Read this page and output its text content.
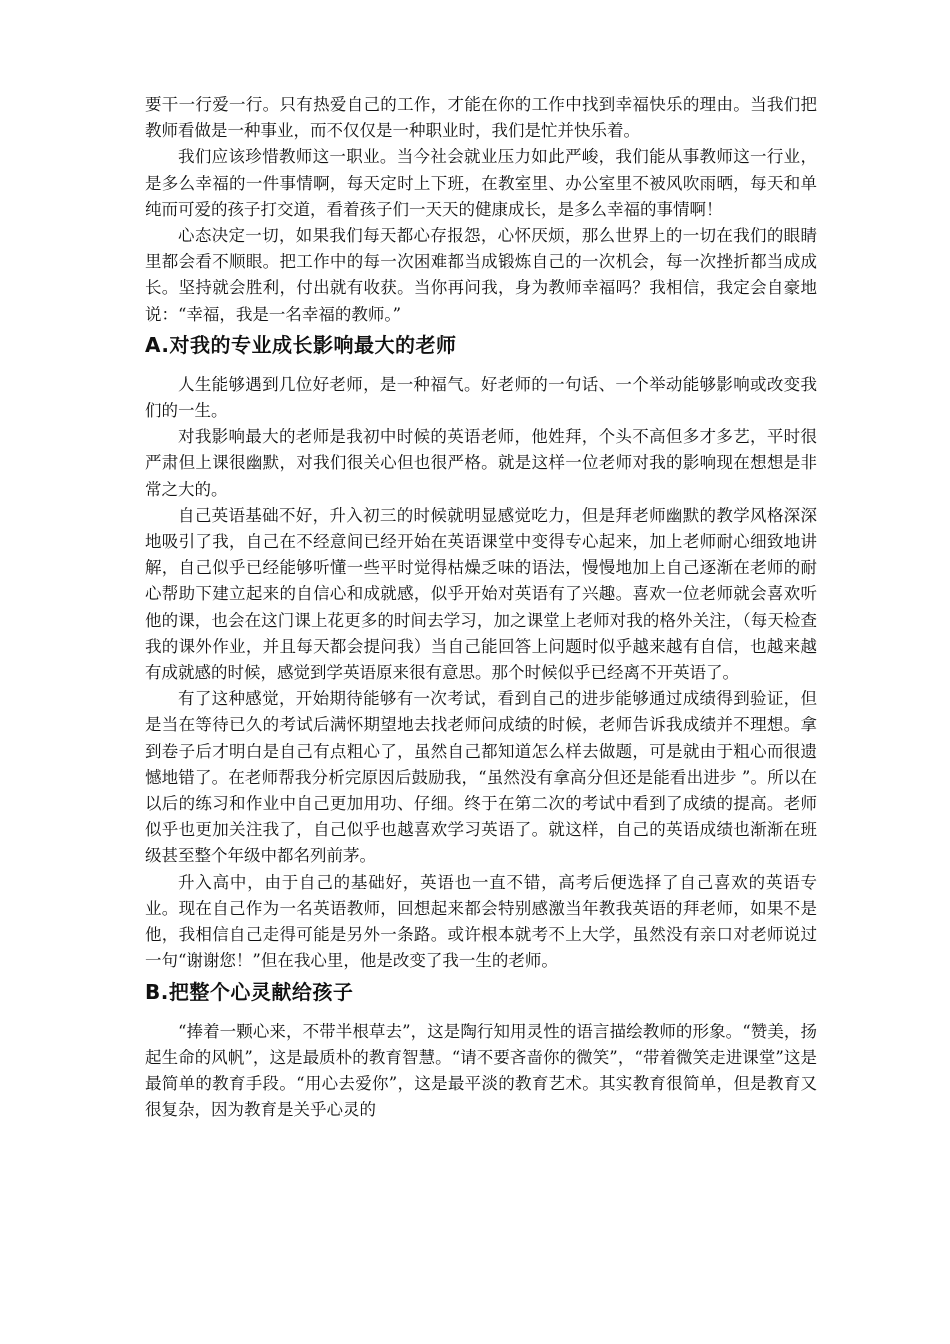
要干一行爱一行。只有热爱自己的工作，才能在你的工作中找到幸福快乐的理由。当我们把教师看做是一种事业，而不仅仅是一种职业时，我们是忙并快乐着。

我们应该珍惜教师这一职业。当今社会就业压力如此严峻，我们能从事教师这一行业，是多么幸福的一件事情啊，每天定时上下班，在教室里、办公室里不被风吹雨晒，每天和单纯而可爱的孩子打交道，看着孩子们一天天的健康成长，是多么幸福的事情啊！

心态决定一切，如果我们每天都心存报怨，心怀厌烦，那么世界上的一切在我们的眼睛里都会看不顺眼。把工作中的每一次困难都当成锻炼自己的一次机会，每一次挫折都当成成长。坚持就会胜利，付出就有收获。当你再问我，身为教师幸福吗？我相信，我定会自豪地说：“幸福，我是一名幸福的教师。”

A.对我的专业成长影响最大的老师

人生能够遇到几位好老师，是一种福气。好老师的一句话、一个举动能够影响或改变我们的一生。

对我影响最大的老师是我初中时候的英语老师，他姓拜，个头不高但多才多艺，平时很严肃但上课很幽默，对我们很关心但也很严格。就是这样一位老师对我的影响现在想想是非常之大的。

自己英语基础不好，升入初三的时候就明显感觉吃力，但是拜老师幽默的教学风格深深地吸引了我，自己在不经意间已经开始在英语课堂中变得专心起来，加上老师耐心细致地讲解，自己似乎已经能够听懂一些平时觉得枯燥乏味的语法，慢慢地加上自己逐渐在老师的耐心帮助下建立起来的自信心和成就感，似乎开始对英语有了兴趣。喜欢一位老师就会喜欢听他的课，也会在这门课上花更多的时间去学习，加之课堂上老师对我的格外关注，（每天检查我的课外作业，并且每天都会提问我）当自己能回答上问题时似乎越来越有自信，也越来越有成就感的时候，感觉到学英语原来很有意思。那个时候似乎已经离不开英语了。

有了这种感觉，开始期待能够有一次考试，看到自己的进步能够通过成绩得到验证，但是当在等待已久的考试后满怀期望地去找老师问成绩的时候，老师告诉我成绩并不理想。拿到卷子后才明白是自己有点粗心了，虽然自己都知道怎么样去做题，可是就由于粗心而很遗憾地错了。在老师帮我分析完原因后鼓励我，“虽然没有拿高分但还是能看出进步 ”。所以在以后的练习和作业中自己更加用功、仔细。终于在第二次的考试中看到了成绩的提高。老师似乎也更加关注我了，自己似乎也越喜欢学习英语了。就这样，自己的英语成绩也渐渐在班级甚至整个年级中都名列前茅。

升入高中，由于自己的基础好，英语也一直不错，高考后便选择了自己喜欢的英语专业。现在自己作为一名英语教师，回想起来都会特别感激当年教我英语的拜老师，如果不是他，我相信自己走得可能是另外一条路。或许根本就考不上大学，虽然没有亲口对老师说过一句“谢谢您！”但在我心里，他是改变了我一生的老师。

B.把整个心灵献给孩子

“捧着一颗心来，不带半根草去”，这是陶行知用灵性的语言描绘教师的形象。“赞美，扬起生命的风帆”，这是最质朴的教育智慧。“请不要吝啬你的微笑”，“带着微笑走进课堂”这是最简单的教育手段。“用心去爱你”，这是最平淡的教育艺术。其实教育很简单，但是教育又很复杂，因为教育是关乎心灵的
